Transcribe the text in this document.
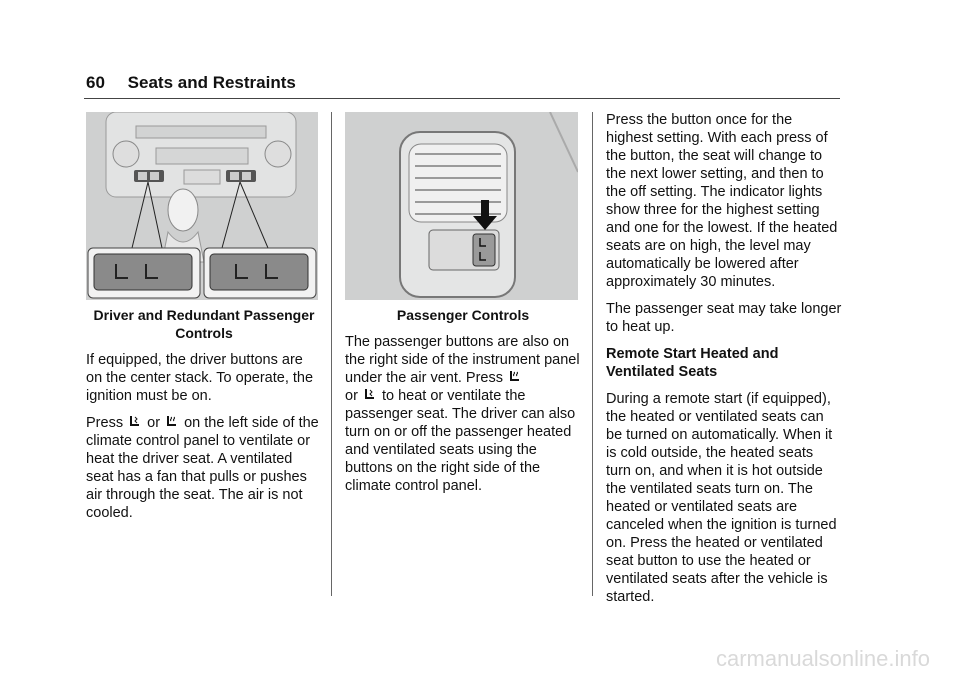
60 Seats and Restraints
Driver and Redundant Passenger Controls

If equipped, the driver buttons are on the center stack. To operate, the ignition must be on.

Press or on the left side of the climate control panel to ventilate or heat the driver seat. A ventilated seat has a fan that pulls or pushes air through the seat. The air is not cooled.

Passenger Controls

The passenger buttons are also on the right side of the instrument panel under the air vent. Press
or to heat or ventilate the passenger seat. The driver can also turn on or off the passenger heated and ventilated seats using the buttons on the right side of the climate control panel.

Press the button once for the highest setting. With each press of the button, the seat will change to the next lower setting, and then to the off setting. The indicator lights show three for the highest setting and one for the lowest. If the heated seats are on high, the level may automatically be lowered after approximately 30 minutes.

The passenger seat may take longer to heat up.

Remote Start Heated and Ventilated Seats

During a remote start (if equipped), the heated or ventilated seats can be turned on automatically. When it is cold outside, the heated seats turn on, and when it is hot outside the ventilated seats turn on. The heated or ventilated seats are canceled when the ignition is turned on. Press the heated or ventilated seat button to use the heated or ventilated seats after the vehicle is started.

carmanualsonline.info
